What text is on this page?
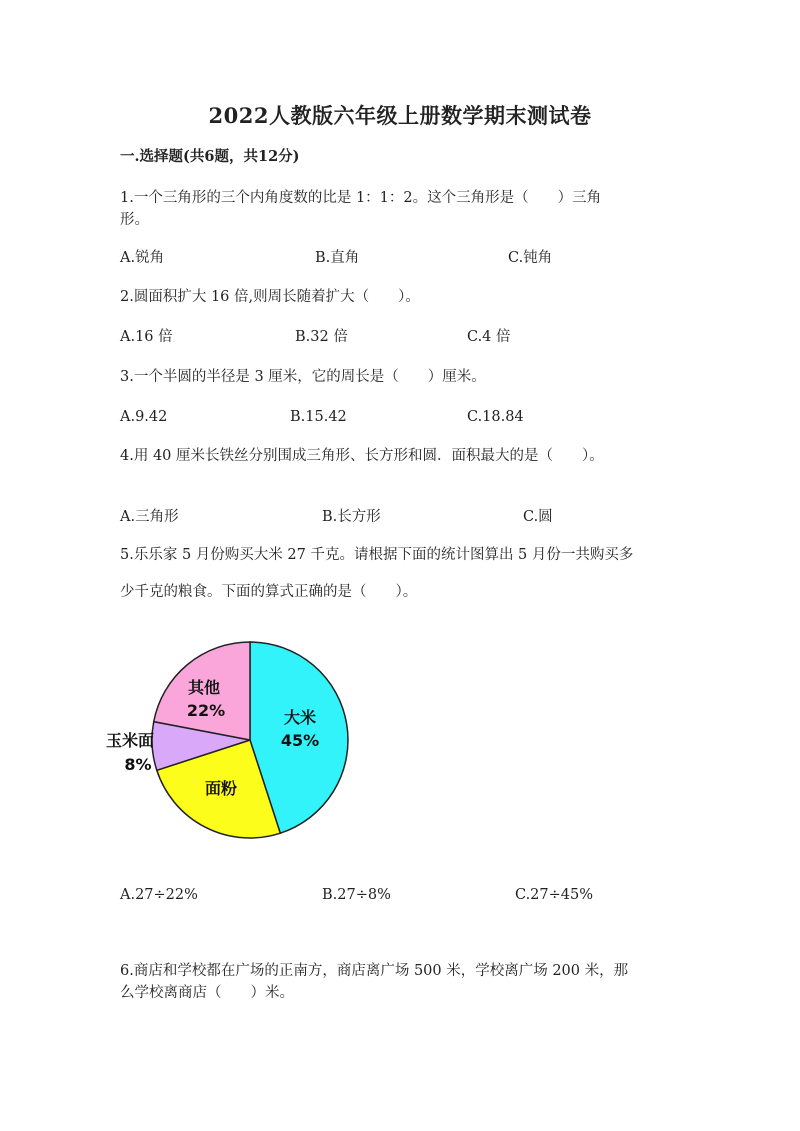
2022人教版六年级上册数学期末测试卷
一.选择题(共6题，共12分)
1.一个三角形的三个内角度数的比是 1：1：2。这个三角形是（　　）三角
形。
A.锐角	B.直角	C.钝角
2.圆面积扩大 16 倍,则周长随着扩大（　　）。
A.16 倍	B.32 倍	C.4 倍
3.一个半圆的半径是 3 厘米，它的周长是（　　）厘米。
A.9.42	B.15.42	C.18.84
4.用 40 厘米长铁丝分别围成三角形、长方形和圆．面积最大的是（　　）。
A.三角形	B.长方形	C.圆
5.乐乐家 5 月份购买大米 27 千克。请根据下面的统计图算出 5 月份一共购买多
少千克的粮食。下面的算式正确的是（　　）。
其他
22%	大米
45%
玉米面
8%
面粉
A.27÷22%	B.27÷8%	C.27÷45%
6.商店和学校都在广场的正南方，商店离广场 500 米，学校离广场 200 米，那
么学校离商店（　　）米。
